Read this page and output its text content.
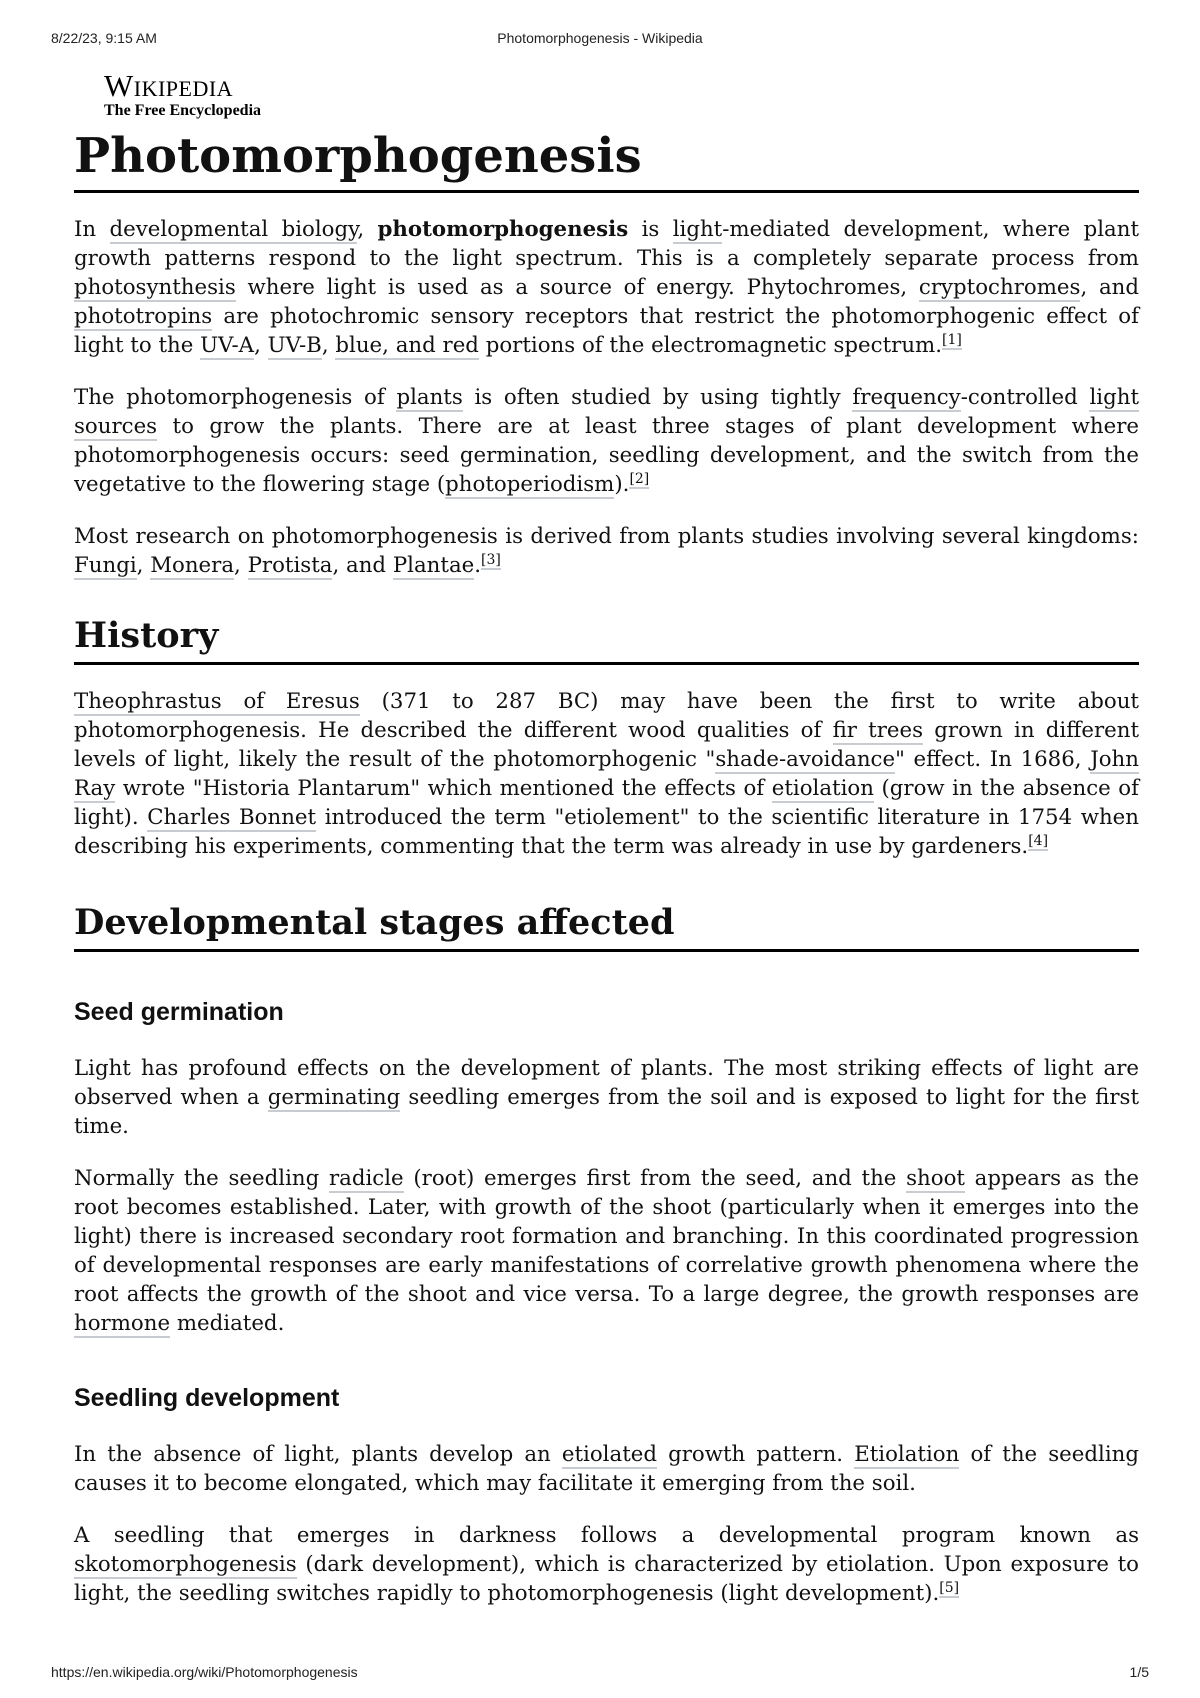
8/22/23, 9:15 AM	Photomorphogenesis - Wikipedia
Wikipedia
The Free Encyclopedia
Photomorphogenesis

In developmental biology, photomorphogenesis is light-mediated development, where plant growth patterns respond to the light spectrum. This is a completely separate process from photosynthesis where light is used as a source of energy. Phytochromes, cryptochromes, and phototropins are photochromic sensory receptors that restrict the photomorphogenic effect of light to the UV-A, UV-B, blue, and red portions of the electromagnetic spectrum.[1]

The photomorphogenesis of plants is often studied by using tightly frequency-controlled light sources to grow the plants. There are at least three stages of plant development where photomorphogenesis occurs: seed germination, seedling development, and the switch from the vegetative to the flowering stage (photoperiodism).[2]

Most research on photomorphogenesis is derived from plants studies involving several kingdoms: Fungi, Monera, Protista, and Plantae.[3]

History

Theophrastus of Eresus (371 to 287 BC) may have been the first to write about photomorphogenesis. He described the different wood qualities of fir trees grown in different levels of light, likely the result of the photomorphogenic "shade-avoidance" effect. In 1686, John Ray wrote "Historia Plantarum" which mentioned the effects of etiolation (grow in the absence of light). Charles Bonnet introduced the term "etiolement" to the scientific literature in 1754 when describing his experiments, commenting that the term was already in use by gardeners.[4]

Developmental stages affected
Seed germination

Light has profound effects on the development of plants. The most striking effects of light are observed when a germinating seedling emerges from the soil and is exposed to light for the first time.

Normally the seedling radicle (root) emerges first from the seed, and the shoot appears as the root becomes established. Later, with growth of the shoot (particularly when it emerges into the light) there is increased secondary root formation and branching. In this coordinated progression of developmental responses are early manifestations of correlative growth phenomena where the root affects the growth of the shoot and vice versa. To a large degree, the growth responses are hormone mediated.

Seedling development

In the absence of light, plants develop an etiolated growth pattern. Etiolation of the seedling causes it to become elongated, which may facilitate it emerging from the soil.

A seedling that emerges in darkness follows a developmental program known as skotomorphogenesis (dark development), which is characterized by etiolation. Upon exposure to light, the seedling switches rapidly to photomorphogenesis (light development).[5]

https://en.wikipedia.org/wiki/Photomorphogenesis	1/5
